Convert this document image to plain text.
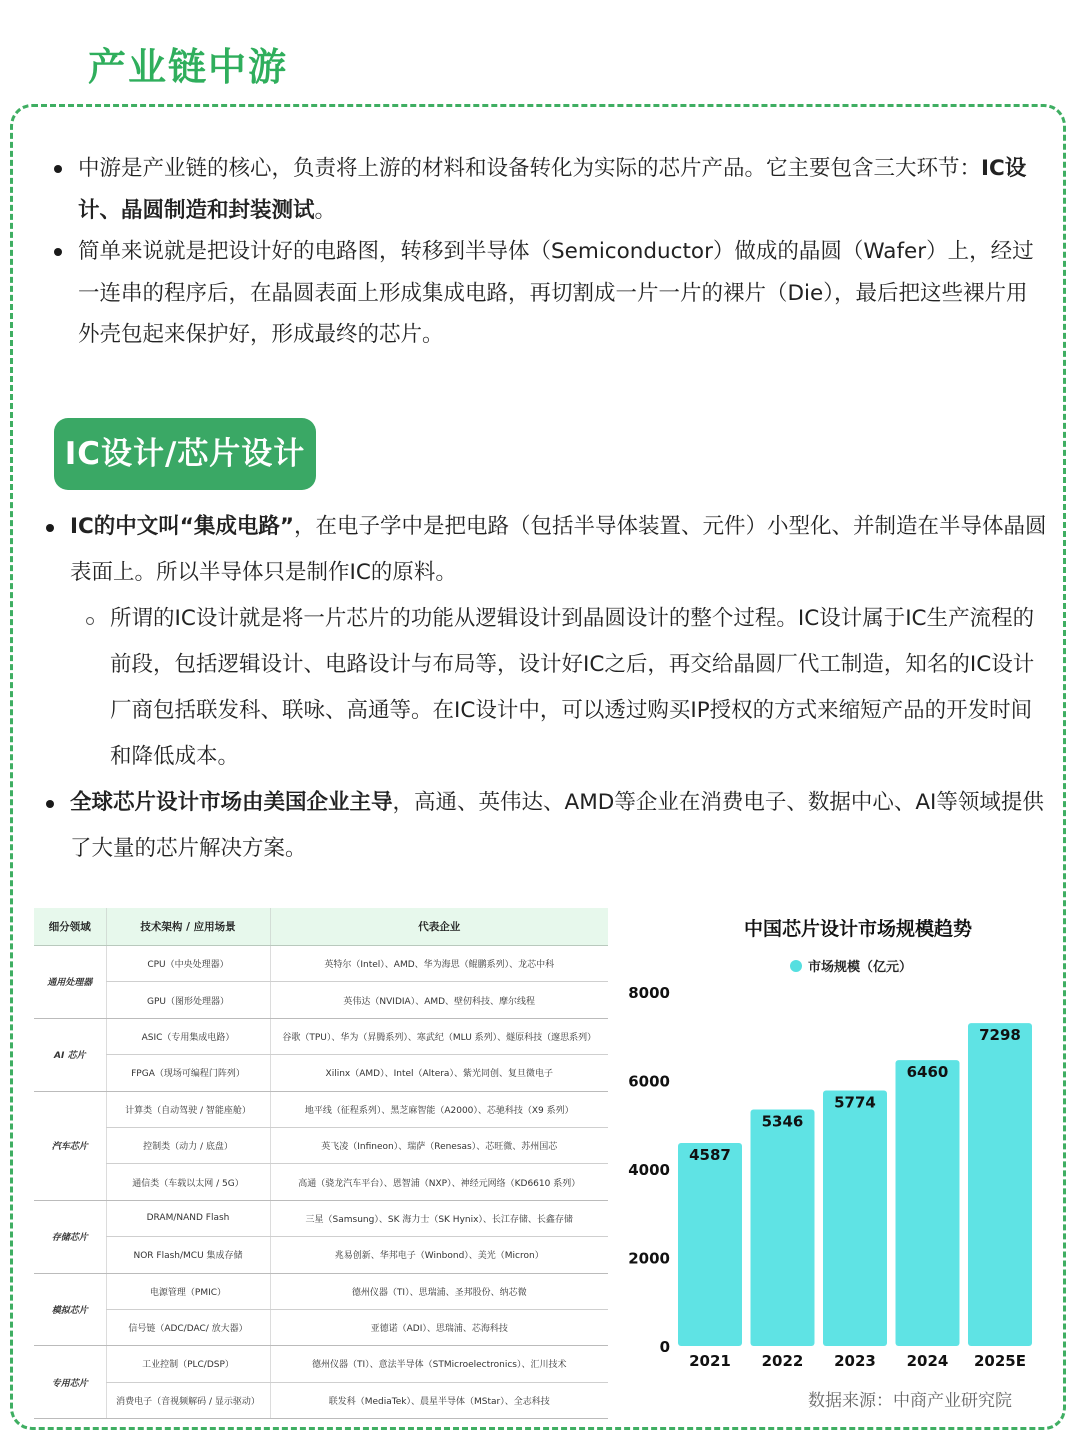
产业链中游
中游是产业链的核心，负责将上游的材料和设备转化为实际的芯片产品。它主要包含三大环节：IC设计、晶圆制造和封装测试。
简单来说就是把设计好的电路图，转移到半导体（Semiconductor）做成的晶圆（Wafer）上，经过一连串的程序后，在晶圆表面上形成集成电路，再切割成一片一片的裸片（Die），最后把这些裸片用外壳包起来保护好，形成最终的芯片。
IC设计/芯片设计
IC的中文叫“集成电路”，在电子学中是把电路（包括半导体装置、元件）小型化、并制造在半导体晶圆表面上。所以半导体只是制作IC的原料。
所谓的IC设计就是将一片芯片的功能从逻辑设计到晶圆设计的整个过程。IC设计属于IC生产流程的前段，包括逻辑设计、电路设计与布局等，设计好IC之后，再交给晶圆厂代工制造，知名的IC设计厂商包括联发科、联咏、高通等。在IC设计中，可以透过购买IP授权的方式来缩短产品的开发时间和降低成本。
全球芯片设计市场由美国企业主导，高通、英伟达、AMD等企业在消费电子、数据中心、AI等领域提供了大量的芯片解决方案。
细分领域	技术架构 / 应用场景	代表企业
通用处理器	CPU（中央处理器）	英特尔（Intel）、AMD、华为海思（鲲鹏系列）、龙芯中科
	GPU（图形处理器）	英伟达（NVIDIA）、AMD、壁仞科技、摩尔线程
AI 芯片	ASIC（专用集成电路）	谷歌（TPU）、华为（昇腾系列）、寒武纪（MLU 系列）、燧原科技（邃思系列）
	FPGA（现场可编程门阵列）	Xilinx（AMD）、Intel（Altera）、紫光同创、复旦微电子
汽车芯片	计算类（自动驾驶 / 智能座舱）	地平线（征程系列）、黑芝麻智能（A2000）、芯驰科技（X9 系列）
	控制类（动力 / 底盘）	英飞凌（Infineon）、瑞萨（Renesas）、芯旺微、苏州国芯
	通信类（车载以太网 / 5G）	高通（骁龙汽车平台）、恩智浦（NXP）、神经元网络（KD6610 系列）
存储芯片	DRAM/NAND Flash	三星（Samsung）、SK 海力士（SK Hynix）、长江存储、长鑫存储
	NOR Flash/MCU 集成存储	兆易创新、华邦电子（Winbond）、美光（Micron）
模拟芯片	电源管理（PMIC）	德州仪器（TI）、思瑞浦、圣邦股份、纳芯微
	信号链（ADC/DAC/ 放大器）	亚德诺（ADI）、思瑞浦、芯海科技
专用芯片	工业控制（PLC/DSP）	德州仪器（TI）、意法半导体（STMicroelectronics）、汇川技术
	消费电子（音视频解码 / 显示驱动）	联发科（MediaTek）、晨星半导体（MStar）、全志科技
中国芯片设计市场规模趋势
市场规模（亿元）
0
2000
4000
6000
8000
4587
2021
5346
2022
5774
2023
6460
2024
7298
2025E
数据来源：中商产业研究院
